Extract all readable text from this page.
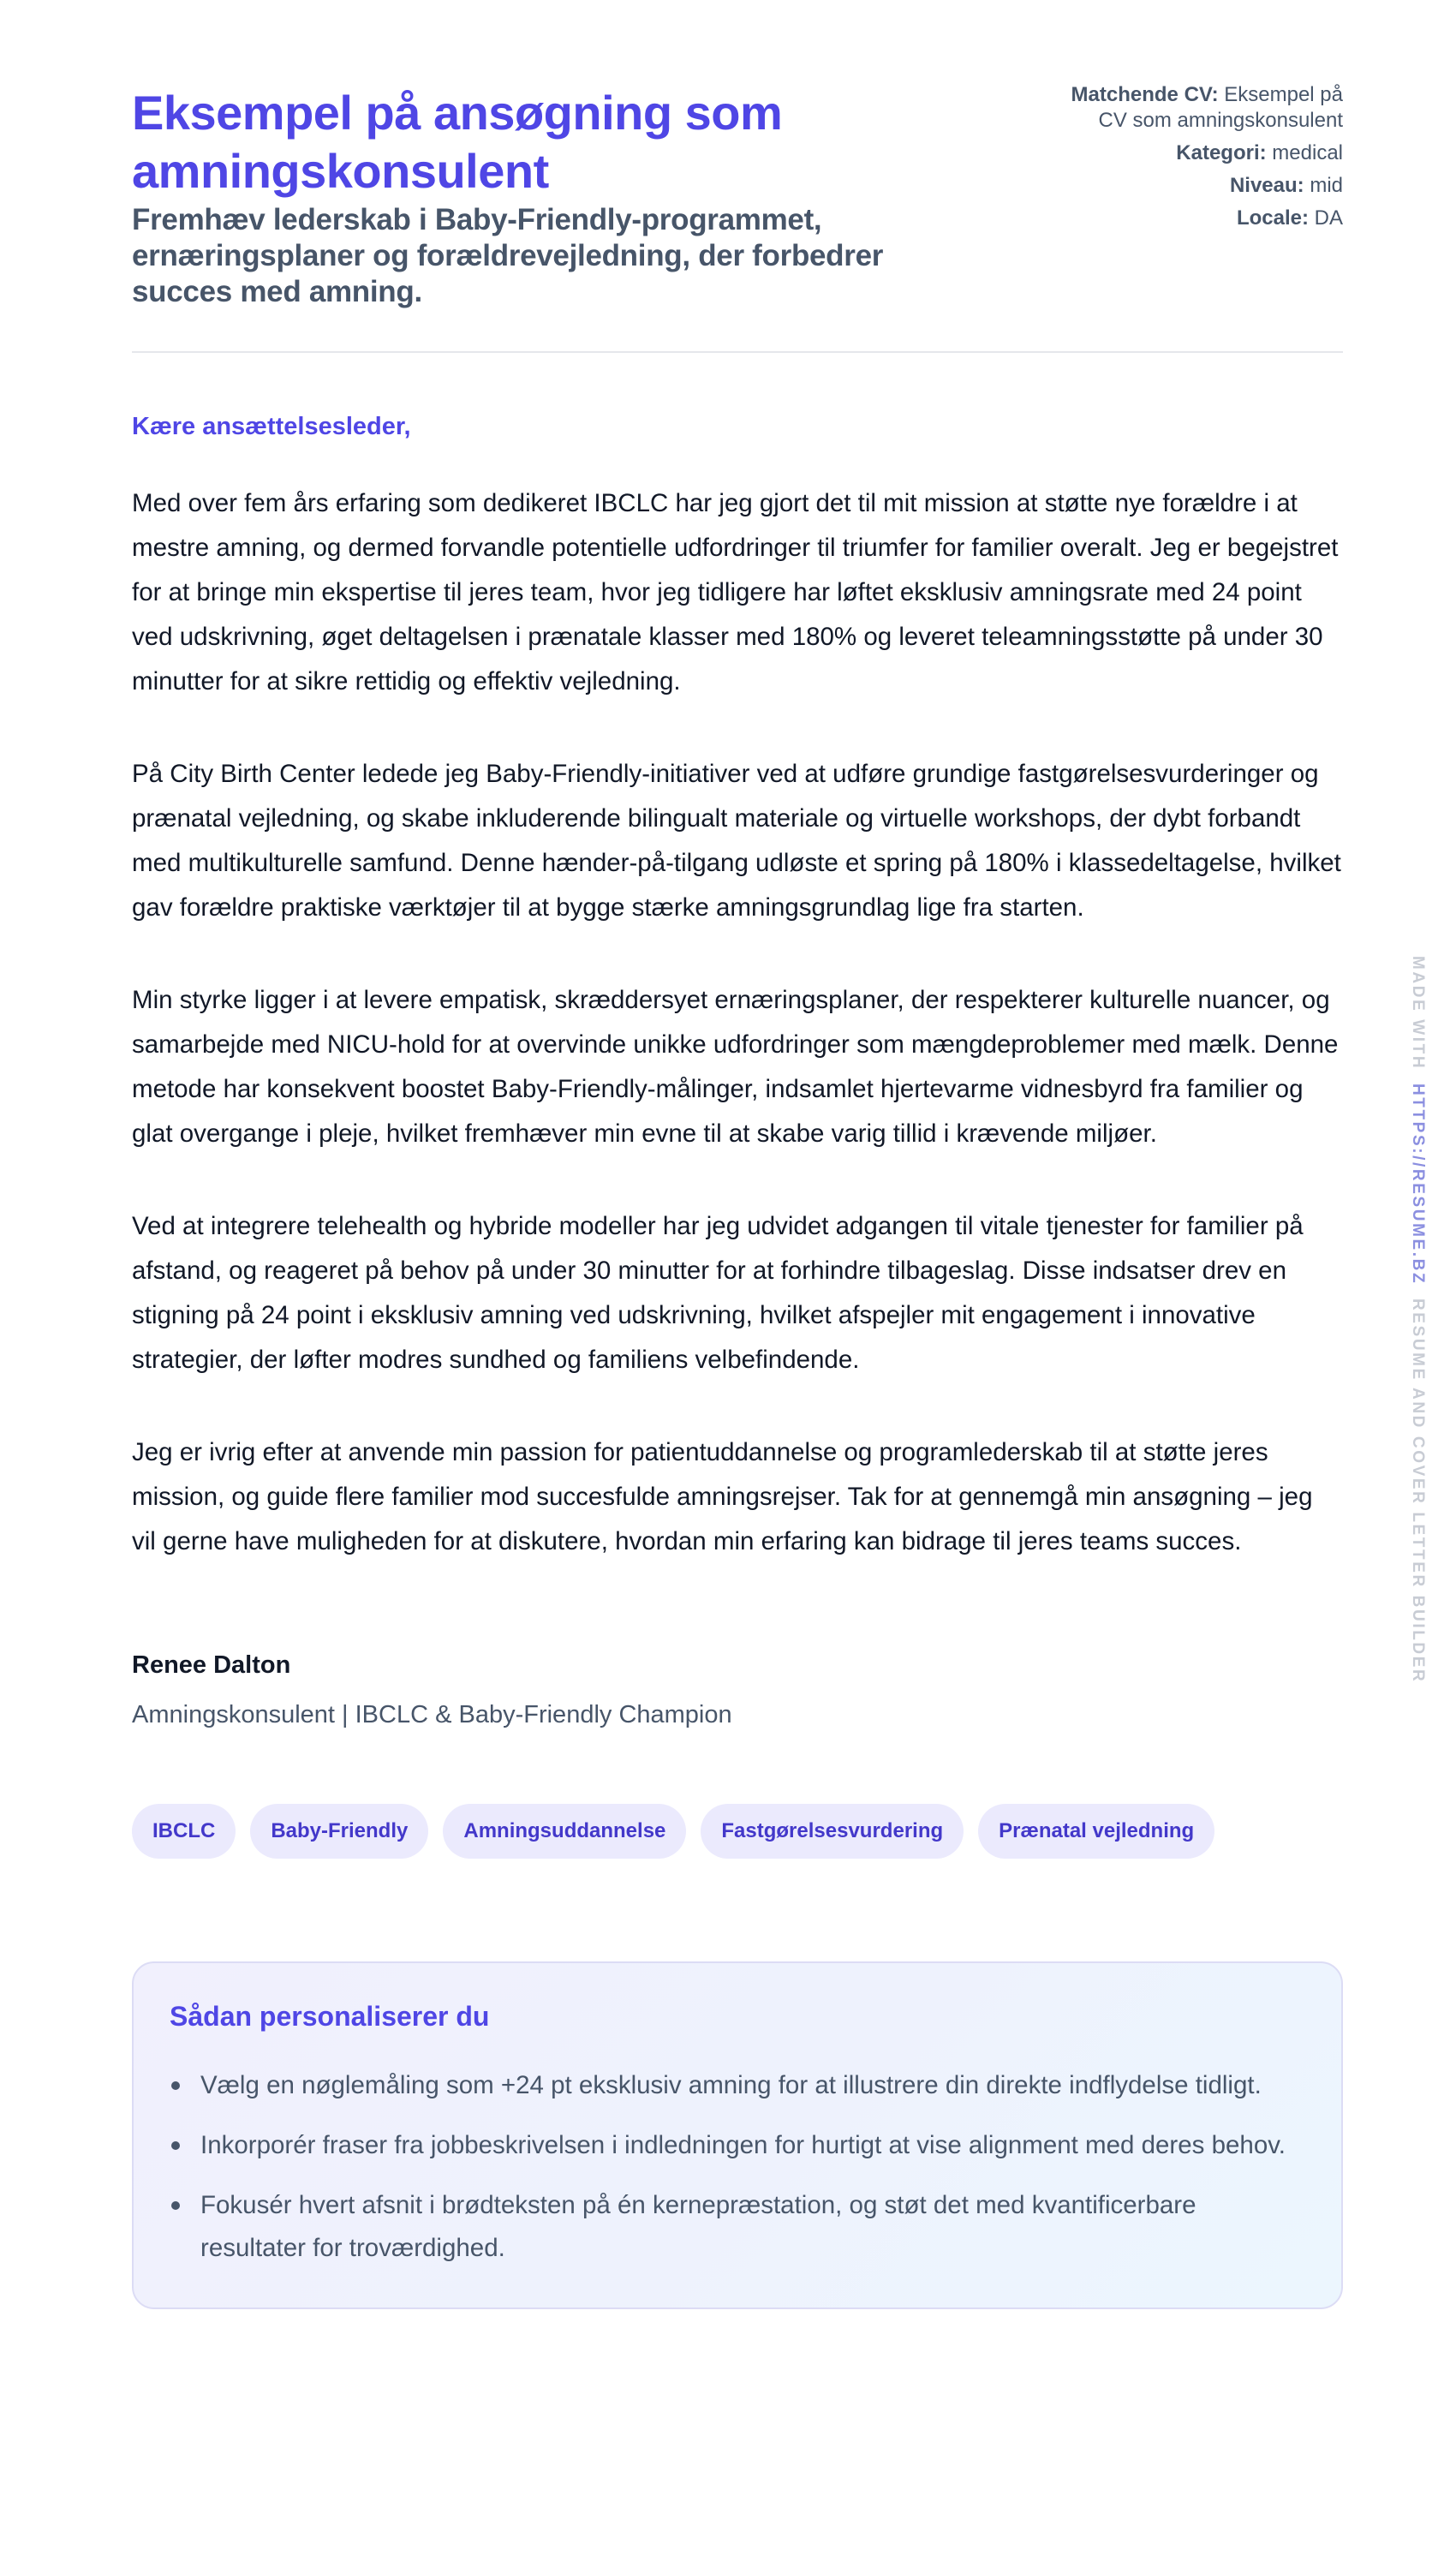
Eksempel på ansøgning som amningskonsulent
Fremhæv lederskab i Baby-Friendly-programmet, ernæringsplaner og forældrevejledning, der forbedrer succes med amning.
Matchende CV: Eksempel på CV som amningskonsulent
Kategori: medical
Niveau: mid
Locale: DA

Kære ansættelsesleder,

Med over fem års erfaring som dedikeret IBCLC har jeg gjort det til mit mission at støtte nye forældre i at mestre amning, og dermed forvandle potentielle udfordringer til triumfer for familier overalt. Jeg er begejstret for at bringe min ekspertise til jeres team, hvor jeg tidligere har løftet eksklusiv amningsrate med 24 point ved udskrivning, øget deltagelsen i prænatale klasser med 180% og leveret teleamningsstøtte på under 30 minutter for at sikre rettidig og effektiv vejledning.

På City Birth Center ledede jeg Baby-Friendly-initiativer ved at udføre grundige fastgørelsesvurderinger og prænatal vejledning, og skabe inkluderende bilingualt materiale og virtuelle workshops, der dybt forbandt med multikulturelle samfund. Denne hænder-på-tilgang udløste et spring på 180% i klassedeltagelse, hvilket gav forældre praktiske værktøjer til at bygge stærke amningsgrundlag lige fra starten.

Min styrke ligger i at levere empatisk, skræddersyet ernæringsplaner, der respekterer kulturelle nuancer, og samarbejde med NICU-hold for at overvinde unikke udfordringer som mængdeproblemer med mælk. Denne metode har konsekvent boostet Baby-Friendly-målinger, indsamlet hjertevarme vidnesbyrd fra familier og glat overgange i pleje, hvilket fremhæver min evne til at skabe varig tillid i krævende miljøer.

Ved at integrere telehealth og hybride modeller har jeg udvidet adgangen til vitale tjenester for familier på afstand, og reageret på behov på under 30 minutter for at forhindre tilbageslag. Disse indsatser drev en stigning på 24 point i eksklusiv amning ved udskrivning, hvilket afspejler mit engagement i innovative strategier, der løfter modres sundhed og familiens velbefindende.

Jeg er ivrig efter at anvende min passion for patientuddannelse og programlederskab til at støtte jeres mission, og guide flere familier mod succesfulde amningsrejser. Tak for at gennemgå min ansøgning – jeg vil gerne have muligheden for at diskutere, hvordan min erfaring kan bidrage til jeres teams succes.

Renee Dalton
Amningskonsulent | IBCLC & Baby-Friendly Champion
IBCLC	Baby-Friendly	Amningsuddannelse	Fastgørelsesvurdering	Prænatal vejledning
Sådan personaliserer du
Vælg en nøglemåling som +24 pt eksklusiv amning for at illustrere din direkte indflydelse tidligt.
Inkorporér fraser fra jobbeskrivelsen i indledningen for hurtigt at vise alignment med deres behov.
Fokusér hvert afsnit i brødteksten på én kernepræstation, og støt det med kvantificerbare resultater for troværdighed.
MADE WITH  HTTPS://RESUME.BZ  RESUME AND COVER LETTER BUILDER
